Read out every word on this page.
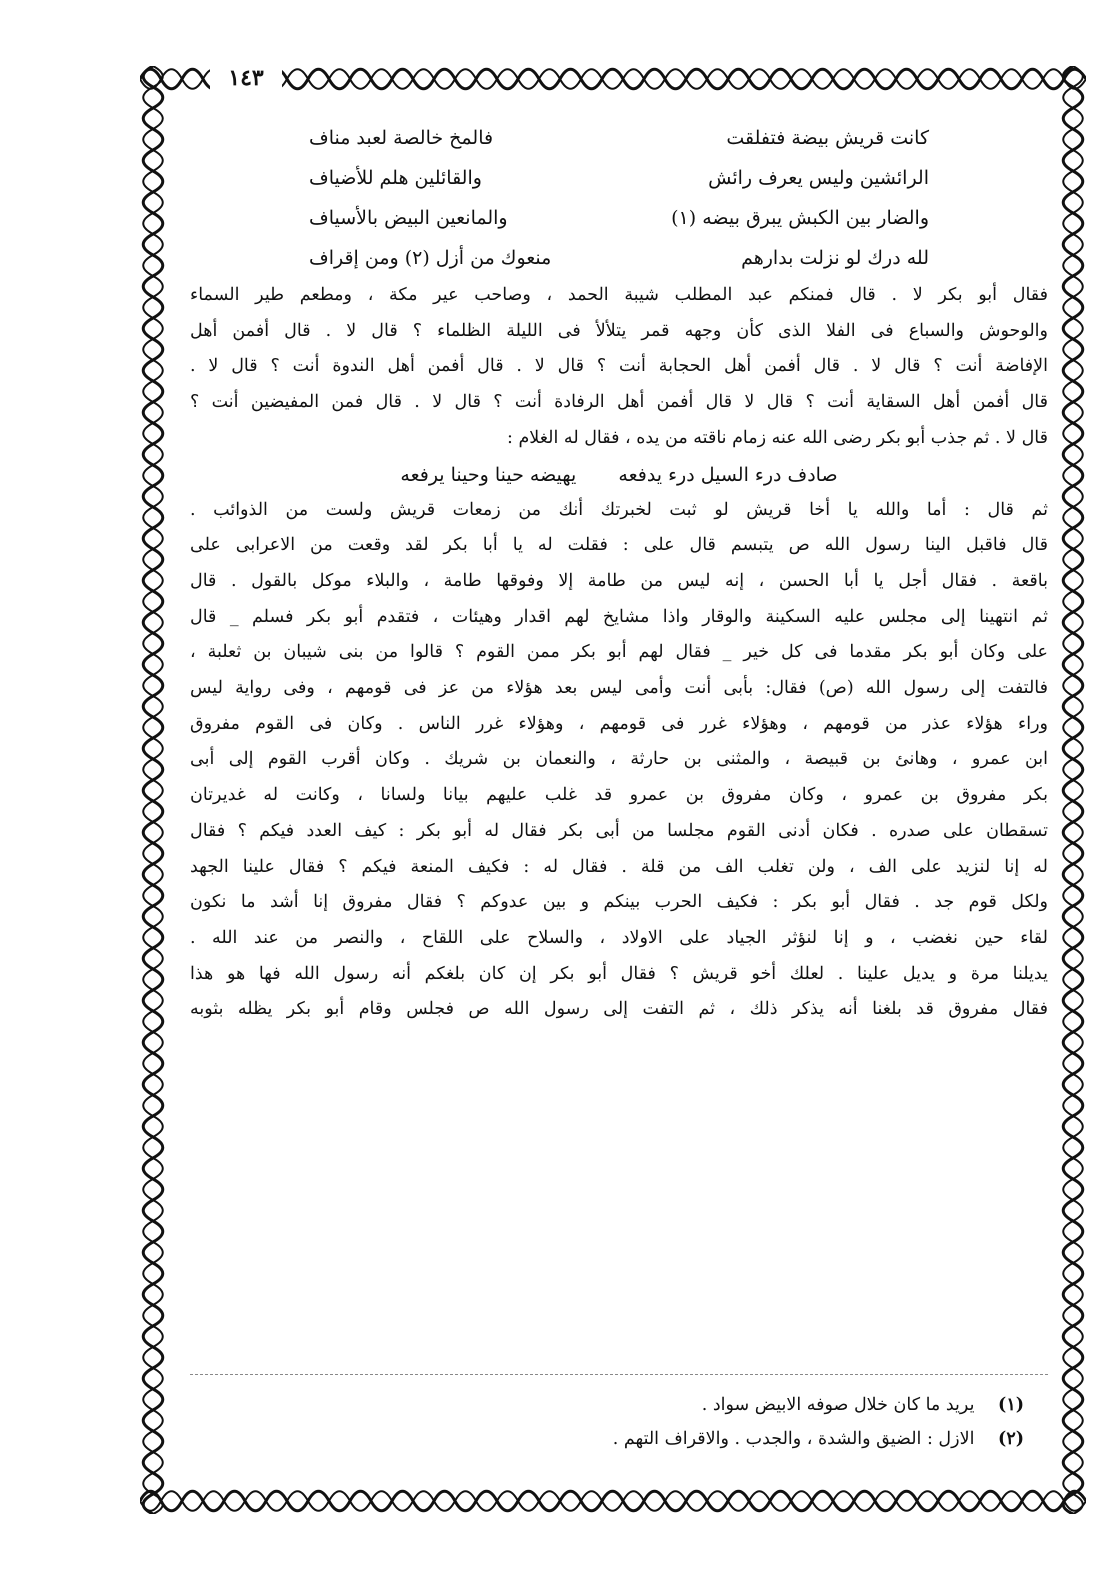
١٤٣
كانت قريش بيضة فتفلقت
فالمخ خالصة لعبد مناف
الرائشين وليس يعرف رائش
والقائلين هلم للأضياف
والضار بين الكبش يبرق بيضه (١)
والمانعين البيض بالأسياف
لله درك لو نزلت بدارهم
منعوك من أزل (٢) ومن إقراف

فقال أبو بكر لا . قال فمنكم عبد المطلب شيبة الحمد ، وصاحب عير مكة ، ومطعم طير السماء

والوحوش والسباع فى الفلا الذى كأن وجهه قمر يتلألأ فى الليلة الظلماء ؟ قال لا . قال أفمن أهل

الإفاضة أنت ؟ قال لا . قال أفمن أهل الحجابة أنت ؟ قال لا . قال أفمن أهل الندوة أنت ؟ قال لا .

قال أفمن أهل السقاية أنت ؟ قال لا قال أفمن أهل الرفادة أنت ؟ قال لا . قال فمن المفيضين أنت ؟

قال لا . ثم جذب أبو بكر رضى الله عنه زمام ناقته من يده ، فقال له الغلام :

صادف درء السيل درء يدفعه يهيضه حينا وحينا يرفعه

ثم قال : أما والله يا أخا قريش لو ثبت لخبرتك أنك من زمعات قريش ولست من الذوائب .

قال فاقبل الينا رسول الله ص يتبسم قال على : فقلت له يا أبا بكر لقد وقعت من الاعرابى على

باقعة . فقال أجل يا أبا الحسن ، إنه ليس من طامة إلا وفوقها طامة ، والبلاء موكل بالقول . قال

ثم انتهينا إلى مجلس عليه السكينة والوقار واذا مشايخ لهم اقدار وهيئات ، فتقدم أبو بكر فسلم _ قال

على وكان أبو بكر مقدما فى كل خير _ فقال لهم أبو بكر ممن القوم ؟ قالوا من بنى شيبان بن ثعلبة ،

فالتفت إلى رسول الله (ص) فقال: بأبى أنت وأمى ليس بعد هؤلاء من عز فى قومهم ، وفى رواية ليس

وراء هؤلاء عذر من قومهم ، وهؤلاء غرر فى قومهم ، وهؤلاء غرر الناس . وكان فى القوم مفروق

ابن عمرو ، وهانئ بن قبيصة ، والمثنى بن حارثة ، والنعمان بن شريك . وكان أقرب القوم إلى أبى

بكر مفروق بن عمرو ، وكان مفروق بن عمرو قد غلب عليهم بيانا ولسانا ، وكانت له غديرتان

تسقطان على صدره . فكان أدنى القوم مجلسا من أبى بكر فقال له أبو بكر : كيف العدد فيكم ؟ فقال

له إنا لنزيد على الف ، ولن تغلب الف من قلة . فقال له : فكيف المنعة فيكم ؟ فقال علينا الجهد

ولكل قوم جد . فقال أبو بكر : فكيف الحرب بينكم و بين عدوكم ؟ فقال مفروق إنا أشد ما نكون

لقاء حين نغضب ، و إنا لنؤثر الجياد على الاولاد ، والسلاح على اللقاح ، والنصر من عند الله .

يديلنا مرة و يديل علينا . لعلك أخو قريش ؟ فقال أبو بكر إن كان بلغكم أنه رسول الله فها هو هذا

فقال مفروق قد بلغنا أنه يذكر ذلك ، ثم التفت إلى رسول الله ص فجلس وقام أبو بكر يظله بثوبه

(١) يريد ما كان خلال صوفه الابيض سواد .
(٢) الازل : الضيق والشدة ، والجدب . والاقراف التهم .
